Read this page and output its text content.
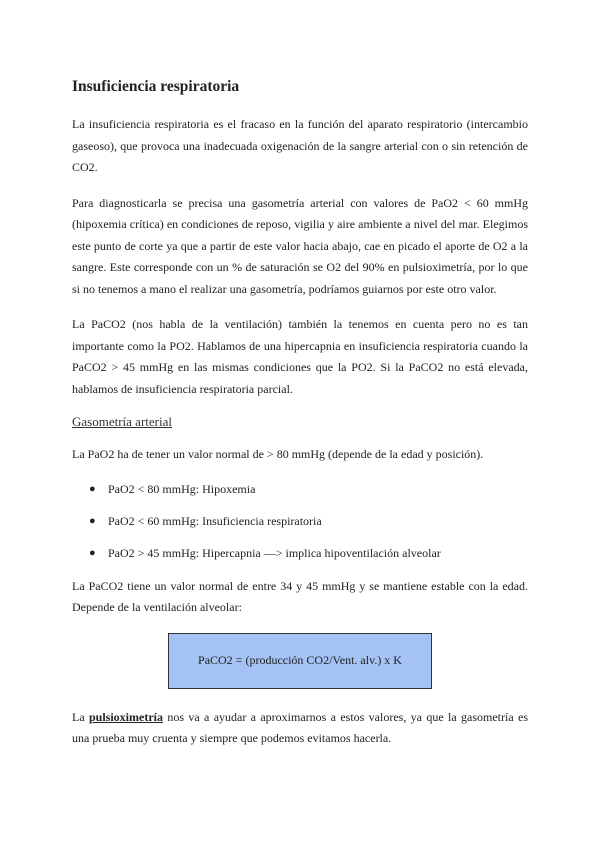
Insuficiencia respiratoria

La insuficiencia respiratoria es el fracaso en la función del aparato respiratorio (intercambio gaseoso), que provoca una inadecuada oxigenación de la sangre arterial con o sin retención de CO2.

Para diagnosticarla se precisa una gasometría arterial con valores de PaO2 < 60 mmHg (hipoxemia crítica) en condiciones de reposo, vigilia y aire ambiente a nivel del mar. Elegimos este punto de corte ya que a partir de este valor hacia abajo, cae en picado el aporte de O2 a la sangre. Este corresponde con un % de saturación se O2 del 90% en pulsioximetría, por lo que si no tenemos a mano el realizar una gasometría, podríamos guiarnos por este otro valor.

La PaCO2 (nos habla de la ventilación) también la tenemos en cuenta pero no es tan importante como la PO2. Hablamos de una hipercapnia en insuficiencia respiratoria cuando la PaCO2 > 45 mmHg en las mismas condiciones que la PO2. Si la PaCO2 no está elevada, hablamos de insuficiencia respiratoria parcial.

Gasometría arterial

La PaO2 ha de tener un valor normal de > 80 mmHg (depende de la edad y posición).

● PaO2 < 80 mmHg: Hipoxemia
● PaO2 < 60 mmHg: Insuficiencia respiratoria
● PaO2 > 45 mmHg: Hipercapnia —> implica hipoventilación alveolar

La PaCO2 tiene un valor normal de entre 34 y 45 mmHg y se mantiene estable con la edad. Depende de la ventilación alveolar:

PaCO2 = (producción CO2/Vent. alv.) x K

La pulsioximetría nos va a ayudar a aproximarnos a estos valores, ya que la gasometría es una prueba muy cruenta y siempre que podemos evitamos hacerla.
